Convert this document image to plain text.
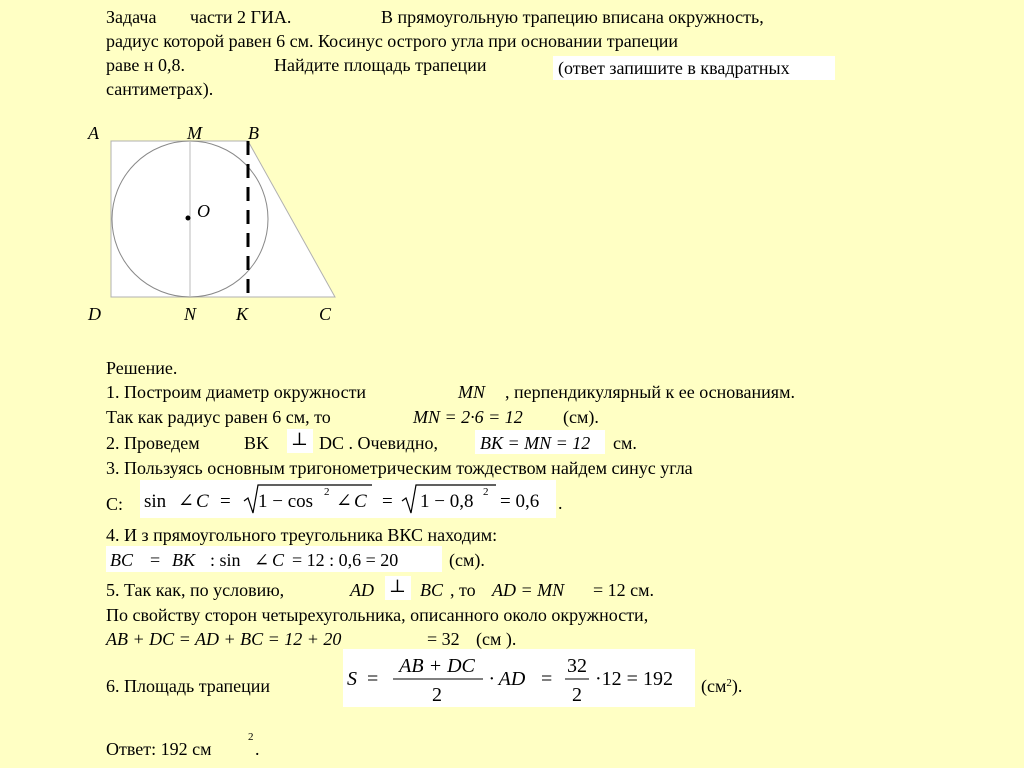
Задача части 2 ГИА.	В прямоугольную трапецию вписана окружность,
радиус которой равен 6 см. Косинус острого угла при основании трапеции
раве н 0,8.	Найдите площадь трапеции	(ответ запишите в квадратных
сантиметрах).
A	M	B
O
D	N K	C
Решение.
1. Построим диаметр окружности	MN , перпендикулярный к ее основаниям.
Так как радиус равен 6 см, то	MN = 2·6 = 12 (см).
2. Проведем BK ⊥ DC . Очевидно, BK = MN = 12 см.
3. Пользуясь основным тригонометрическим тождеством найдем синус угла
С: sin ∠ C = 1 − cos 2 ∠ C = 1 − 0,8 2 = 0,6 .
4. И з прямоугольного треугольника ВКС находим:
BC = BK : sin ∠ C = 12 : 0,6 = 20	(см).
5. Так как, по условию,	AD ⊥ BC , то AD = MN = 12 см.
По свойству сторон четырехугольника, описанного около окружности,
AB + DC = AD + BC = 12 + 20	= 32 (см ).
6. Площадь трапеции	S =
AB + DC
2
· AD =
32
2
·12 = 192 $(см^2)$.
Ответ: 192 см
2
.
